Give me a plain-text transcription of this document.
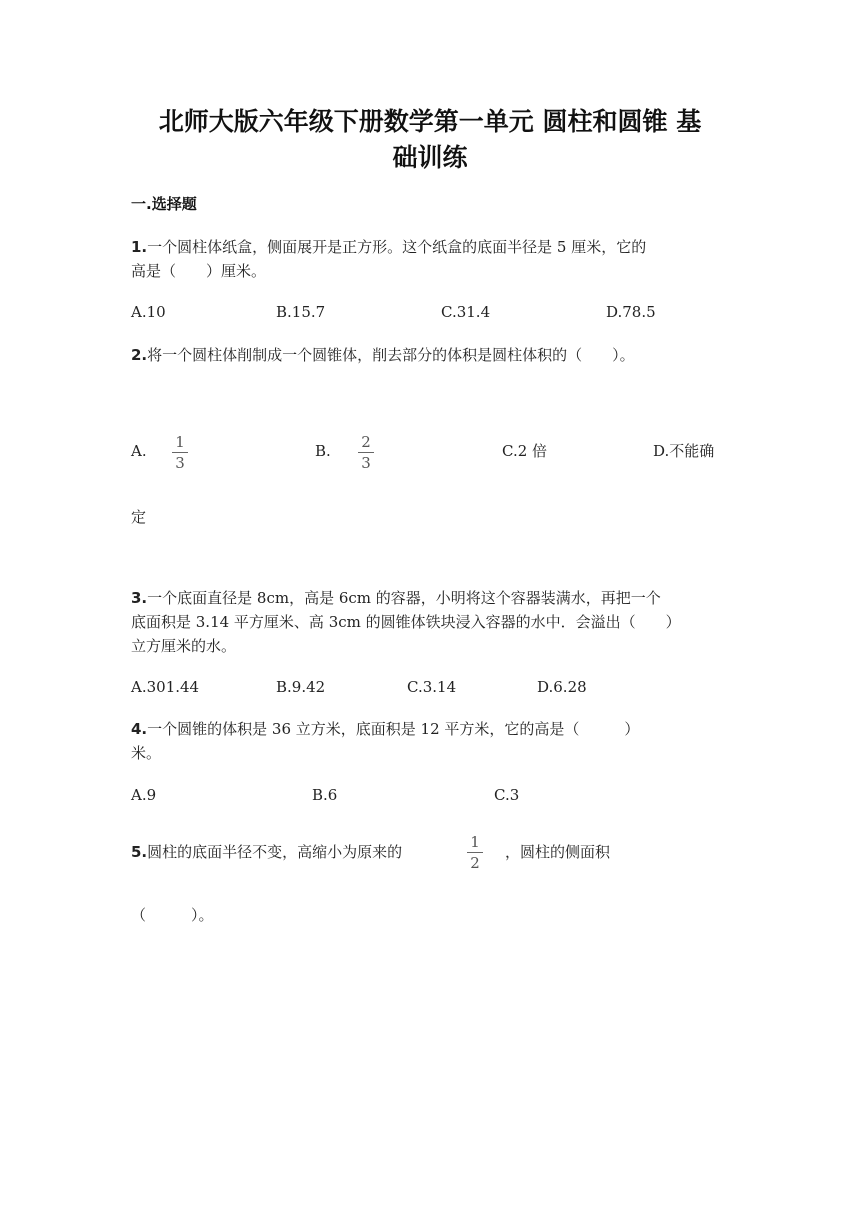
北师大版六年级下册数学第一单元 圆柱和圆锥 基
础训练
一.选择题
1.一个圆柱体纸盒，侧面展开是正方形。这个纸盒的底面半径是 5 厘米，它的
高是（　　）厘米。
A.10	B.15.7	C.31.4	D.78.5
2.将一个圆柱体削制成一个圆锥体，削去部分的体积是圆柱体积的（　　）。
A.	1
3
B.	2
3
C.2 倍	D.不能确
定
3.一个底面直径是 8cm，高是 6cm 的容器，小明将这个容器装满水，再把一个
底面积是 3.14 平方厘米、高 3cm 的圆锥体铁块浸入容器的水中．会溢出（　　）
立方厘米的水。
A.301.44	B.9.42	C.3.14	D.6.28
4.一个圆锥的体积是 36 立方米，底面积是 12 平方米，它的高是（　　　）
米。
A.9	B.6	C.3
5.圆柱的底面半径不变，高缩小为原来的
1
2
，圆柱的侧面积
（　　　）。
